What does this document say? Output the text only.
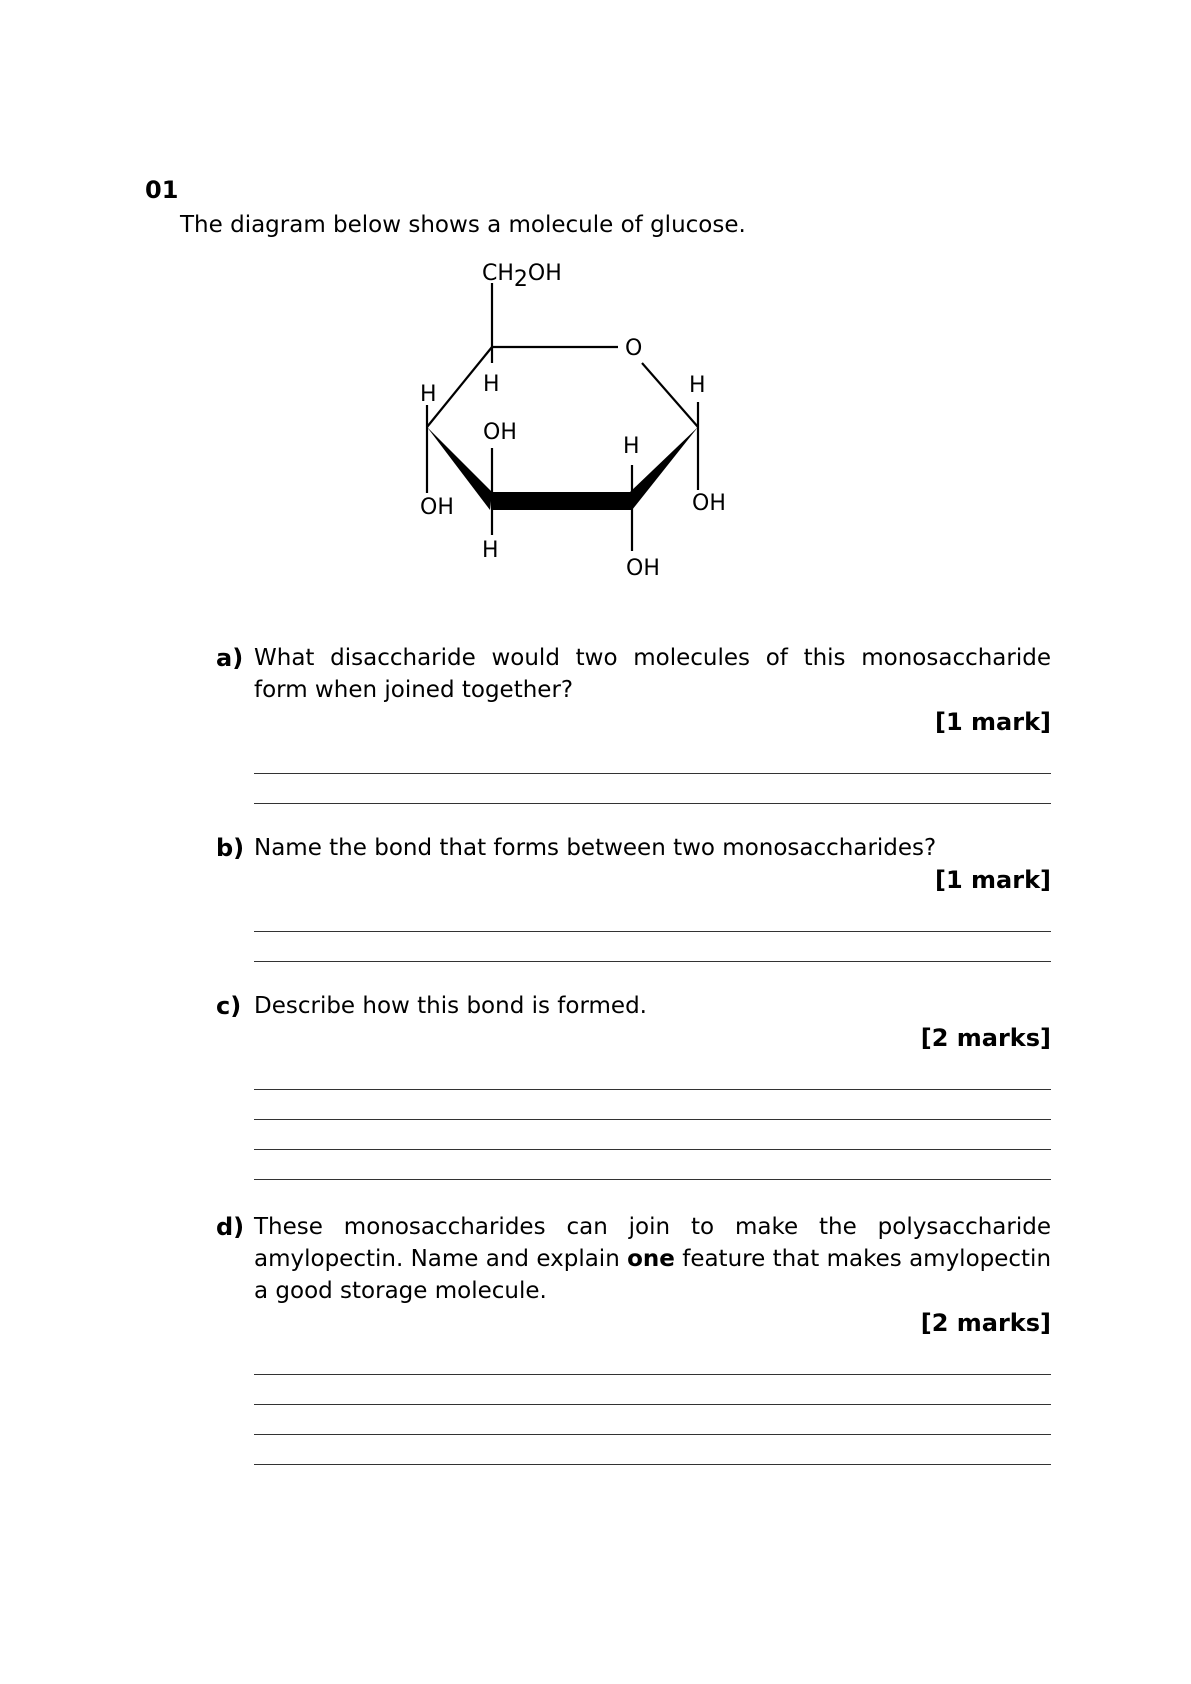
01
The diagram below shows a molecule of glucose.
CH2OH
O
H
H
OH
OH
H
H
OH
H
OH
a) What disaccharide would two molecules of this monosaccharide form when joined together?
[1 mark]
b) Name the bond that forms between two monosaccharides?
[1 mark]
c) Describe how this bond is formed.
[2 marks]
d) These monosaccharides can join to make the polysaccharide amylopectin. Name and explain one feature that makes amylopectin a good storage molecule.
[2 marks]
